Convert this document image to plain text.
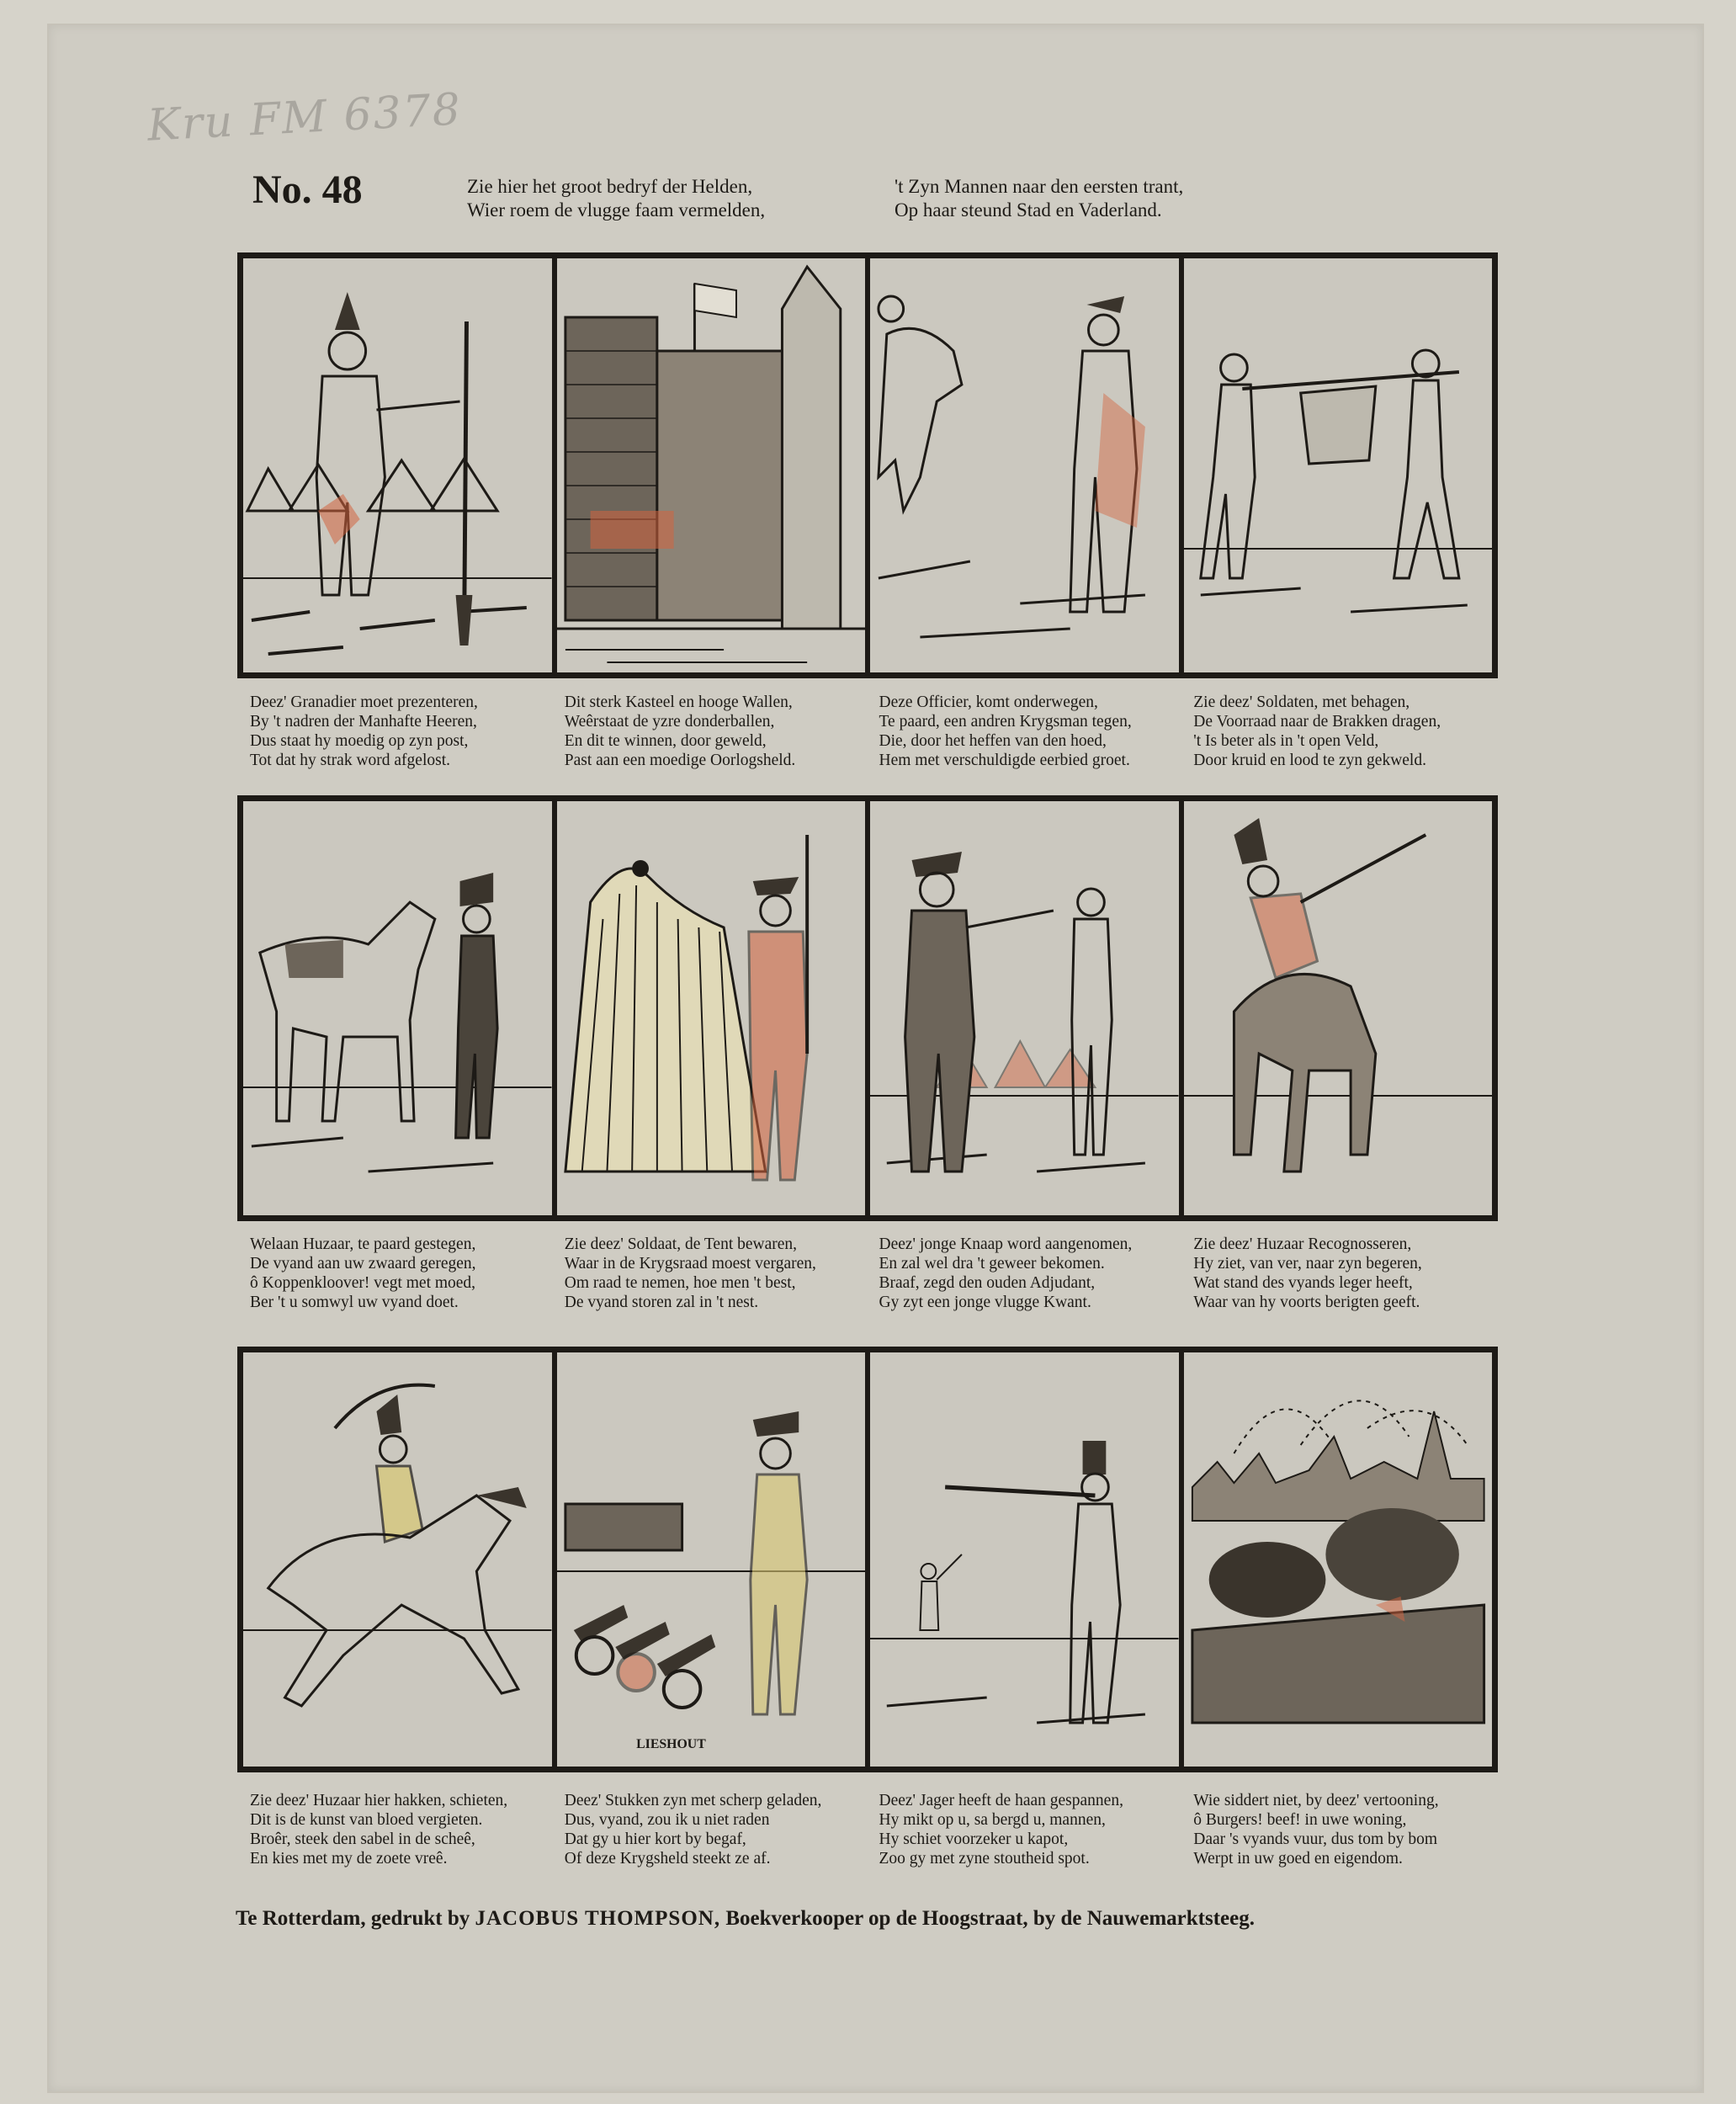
Kru FM 6378
No. 48	Zie hier het groot bedryf der Helden,
Wier roem de vlugge faam vermelden,
't Zyn Mannen naar den eersten trant,
Op haar steund Stad en Vaderland.
Deez' Granadier moet prezenteren,
By 't nadren der Manhafte Heeren,
Dus staat hy moedig op zyn post,
Tot dat hy strak word afgelost.
Dit sterk Kasteel en hooge Wallen,
Weêrstaat de yzre donderballen,
En dit te winnen, door geweld,
Past aan een moedige Oorlogsheld.
Deze Officier, komt onderwegen,
Te paard, een andren Krygsman tegen,
Die, door het heffen van den hoed,
Hem met verschuldigde eerbied groet.
Zie deez' Soldaten, met behagen,
De Voorraad naar de Brakken dragen,
't Is beter als in 't open Veld,
Door kruid en lood te zyn gekweld.
Welaan Huzaar, te paard gestegen,
De vyand aan uw zwaard geregen,
ô Koppenkloover! vegt met moed,
Ber 't u somwyl uw vyand doet.
Zie deez' Soldaat, de Tent bewaren,
Waar in de Krygsraad moest vergaren,
Om raad te nemen, hoe men 't best,
De vyand storen zal in 't nest.
Deez' jonge Knaap word aangenomen,
En zal wel dra 't geweer bekomen.
Braaf, zegd den ouden Adjudant,
Gy zyt een jonge vlugge Kwant.
Zie deez' Huzaar Recognosseren,
Hy ziet, van ver, naar zyn begeren,
Wat stand des vyands leger heeft,
Waar van hy voorts berigten geeft.
LIESHOUT
Zie deez' Huzaar hier hakken, schieten,
Dit is de kunst van bloed vergieten.
Broêr, steek den sabel in de scheê,
En kies met my de zoete vreê.
Deez' Stukken zyn met scherp geladen,
Dus, vyand, zou ik u niet raden
Dat gy u hier kort by begaf,
Of deze Krygsheld steekt ze af.
Deez' Jager heeft de haan gespannen,
Hy mikt op u, sa bergd u, mannen,
Hy schiet voorzeker u kapot,
Zoo gy met zyne stoutheid spot.
Wie siddert niet, by deez' vertooning,
ô Burgers! beef! in uwe woning,
Daar 's vyands vuur, dus tom by bom
Werpt in uw goed en eigendom.
Te Rotterdam, gedrukt by JACOBUS THOMPSON, Boekverkooper op de Hoogstraat, by de Nauwemarktsteeg.
